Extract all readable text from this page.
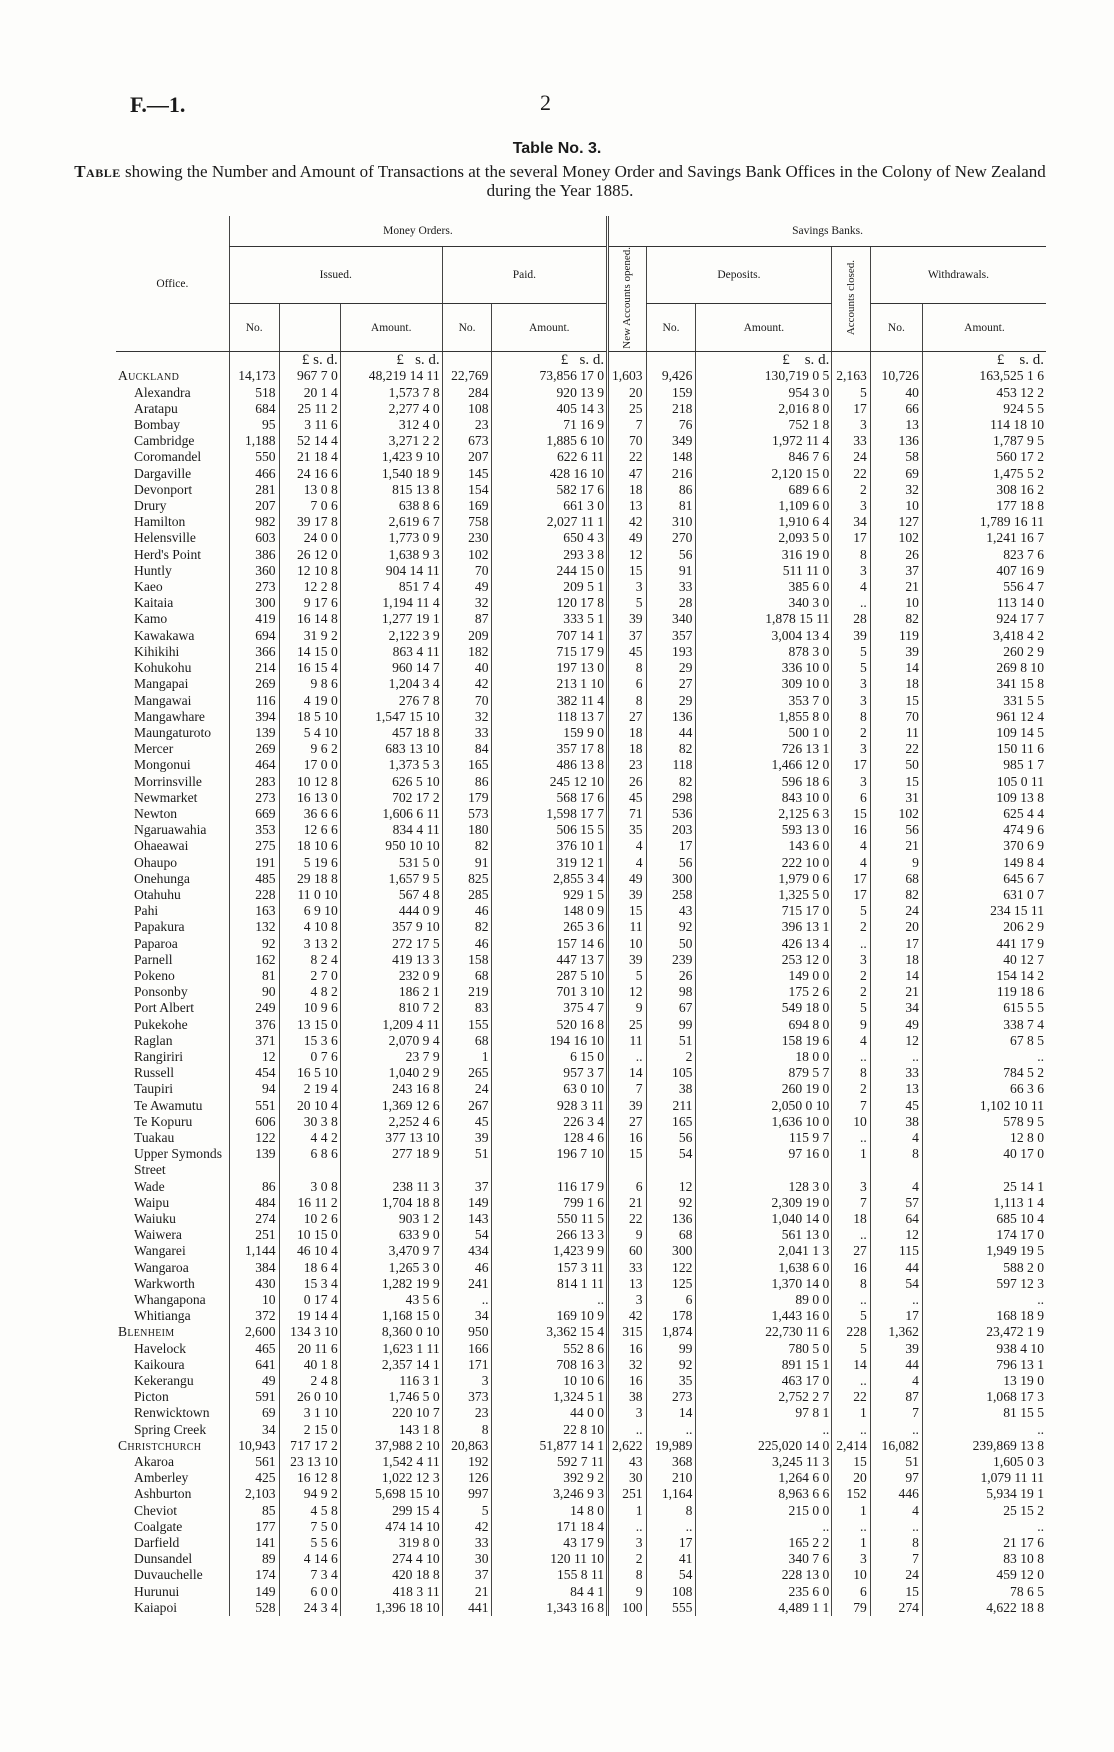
F.—1.	2
Table No. 3.
Table showing the Number and Amount of Transactions at the several Money Order and Savings Bank Offices in the Colony of New Zealand during the Year 1885.
Office.	Money Orders.					Savings Banks.					
	Issued.			Paid.		New Accounts opened.	Deposits.		Accounts closed.	Withdrawals.	
	No.		Amount.	No.	Amount.		No.	Amount.		No.	Amount.
		£ s. d.	£ s. d.		£ s. d.			£ s. d.			£ s. d.
Auckland	14,173	967 7 0	48,219 14 11	22,769	73,856 17 0	1,603	9,426	130,719 0 5	2,163	10,726	163,525 1 6
Alexandra	518	20 1 4	1,573 7 8	284	920 13 9	20	159	954 3 0	5	40	453 12 2
Aratapu	684	25 11 2	2,277 4 0	108	405 14 3	25	218	2,016 8 0	17	66	924 5 5
Bombay	95	3 11 6	312 4 0	23	71 16 9	7	76	752 1 8	3	13	114 18 10
Cambridge	1,188	52 14 4	3,271 2 2	673	1,885 6 10	70	349	1,972 11 4	33	136	1,787 9 5
Coromandel	550	21 18 4	1,423 9 10	207	622 6 11	22	148	846 7 6	24	58	560 17 2
Dargaville	466	24 16 6	1,540 18 9	145	428 16 10	47	216	2,120 15 0	22	69	1,475 5 2
Devonport	281	13 0 8	815 13 8	154	582 17 6	18	86	689 6 6	2	32	308 16 2
Drury	207	7 0 6	638 8 6	169	661 3 0	13	81	1,109 6 0	3	10	177 18 8
Hamilton	982	39 17 8	2,619 6 7	758	2,027 11 1	42	310	1,910 6 4	34	127	1,789 16 11
Helensville	603	24 0 0	1,773 0 9	230	650 4 3	49	270	2,093 5 0	17	102	1,241 16 7
Herd's Point	386	26 12 0	1,638 9 3	102	293 3 8	12	56	316 19 0	8	26	823 7 6
Huntly	360	12 10 8	904 14 11	70	244 15 0	15	91	511 11 0	3	37	407 16 9
Kaeo	273	12 2 8	851 7 4	49	209 5 1	3	33	385 6 0	4	21	556 4 7
Kaitaia	300	9 17 6	1,194 11 4	32	120 17 8	5	28	340 3 0	..	10	113 14 0
Kamo	419	16 14 8	1,277 19 1	87	333 5 1	39	340	1,878 15 11	28	82	924 17 7
Kawakawa	694	31 9 2	2,122 3 9	209	707 14 1	37	357	3,004 13 4	39	119	3,418 4 2
Kihikihi	366	14 15 0	863 4 11	182	715 17 9	45	193	878 3 0	5	39	260 2 9
Kohukohu	214	16 15 4	960 14 7	40	197 13 0	8	29	336 10 0	5	14	269 8 10
Mangapai	269	9 8 6	1,204 3 4	42	213 1 10	6	27	309 10 0	3	18	341 15 8
Mangawai	116	4 19 0	276 7 8	70	382 11 4	8	29	353 7 0	3	15	331 5 5
Mangawhare	394	18 5 10	1,547 15 10	32	118 13 7	27	136	1,855 8 0	8	70	961 12 4
Maungaturoto	139	5 4 10	457 18 8	33	159 9 0	18	44	500 1 0	2	11	109 14 5
Mercer	269	9 6 2	683 13 10	84	357 17 8	18	82	726 13 1	3	22	150 11 6
Mongonui	464	17 0 0	1,373 5 3	165	486 13 8	23	118	1,466 12 0	17	50	985 1 7
Morrinsville	283	10 12 8	626 5 10	86	245 12 10	26	82	596 18 6	3	15	105 0 11
Newmarket	273	16 13 0	702 17 2	179	568 17 6	45	298	843 10 0	6	31	109 13 8
Newton	669	36 6 6	1,606 6 11	573	1,598 17 7	71	536	2,125 6 3	15	102	625 4 4
Ngaruawahia	353	12 6 6	834 4 11	180	506 15 5	35	203	593 13 0	16	56	474 9 6
Ohaeawai	275	18 10 6	950 10 10	82	376 10 1	4	17	143 6 0	4	21	370 6 9
Ohaupo	191	5 19 6	531 5 0	91	319 12 1	4	56	222 10 0	4	9	149 8 4
Onehunga	485	29 18 8	1,657 9 5	825	2,855 3 4	49	300	1,979 0 6	17	68	645 6 7
Otahuhu	228	11 0 10	567 4 8	285	929 1 5	39	258	1,325 5 0	17	82	631 0 7
Pahi	163	6 9 10	444 0 9	46	148 0 9	15	43	715 17 0	5	24	234 15 11
Papakura	132	4 10 8	357 9 10	82	265 3 6	11	92	396 13 1	2	20	206 2 9
Paparoa	92	3 13 2	272 17 5	46	157 14 6	10	50	426 13 4	..	17	441 17 9
Parnell	162	8 2 4	419 13 3	158	447 13 7	39	239	253 12 0	3	18	40 12 7
Pokeno	81	2 7 0	232 0 9	68	287 5 10	5	26	149 0 0	2	14	154 14 2
Ponsonby	90	4 8 2	186 2 1	219	701 3 10	12	98	175 2 6	2	21	119 18 6
Port Albert	249	10 9 6	810 7 2	83	375 4 7	9	67	549 18 0	5	34	615 5 5
Pukekohe	376	13 15 0	1,209 4 11	155	520 16 8	25	99	694 8 0	9	49	338 7 4
Raglan	371	15 3 6	2,070 9 4	68	194 16 10	11	51	158 19 6	4	12	67 8 5
Rangiriri	12	0 7 6	23 7 9	1	6 15 0	..	2	18 0 0	..	..	..
Russell	454	16 5 10	1,040 2 9	265	957 3 7	14	105	879 5 7	8	33	784 5 2
Taupiri	94	2 19 4	243 16 8	24	63 0 10	7	38	260 19 0	2	13	66 3 6
Te Awamutu	551	20 10 4	1,369 12 6	267	928 3 11	39	211	2,050 0 10	7	45	1,102 10 11
Te Kopuru	606	30 3 8	2,252 4 6	45	226 3 4	27	165	1,636 10 0	10	38	578 9 5
Tuakau	122	4 4 2	377 13 10	39	128 4 6	16	56	115 9 7	..	4	12 8 0
Upper Symonds	139	6 8 6	277 18 9	51	196 7 10	15	54	97 16 0	1	8	40 17 0
Street											
Wade	86	3 0 8	238 11 3	37	116 17 9	6	12	128 3 0	3	4	25 14 1
Waipu	484	16 11 2	1,704 18 8	149	799 1 6	21	92	2,309 19 0	7	57	1,113 1 4
Waiuku	274	10 2 6	903 1 2	143	550 11 5	22	136	1,040 14 0	18	64	685 10 4
Waiwera	251	10 15 0	633 9 0	54	266 13 3	9	68	561 13 0	..	12	174 17 0
Wangarei	1,144	46 10 4	3,470 9 7	434	1,423 9 9	60	300	2,041 1 3	27	115	1,949 19 5
Wangaroa	384	18 6 4	1,265 3 0	46	157 3 11	33	122	1,638 6 0	16	44	588 2 0
Warkworth	430	15 3 4	1,282 19 9	241	814 1 11	13	125	1,370 14 0	8	54	597 12 3
Whangapona	10	0 17 4	43 5 6	..	..	3	6	89 0 0	..	..	..
Whitianga	372	19 14 4	1,168 15 0	34	169 10 9	42	178	1,443 16 0	5	17	168 18 9
Blenheim	2,600	134 3 10	8,360 0 10	950	3,362 15 4	315	1,874	22,730 11 6	228	1,362	23,472 1 9
Havelock	465	20 11 6	1,623 1 11	166	552 8 6	16	99	780 5 0	5	39	938 4 10
Kaikoura	641	40 1 8	2,357 14 1	171	708 16 3	32	92	891 15 1	14	44	796 13 1
Kekerangu	49	2 4 8	116 3 1	3	10 10 6	16	35	463 17 0	..	4	13 19 0
Picton	591	26 0 10	1,746 5 0	373	1,324 5 1	38	273	2,752 2 7	22	87	1,068 17 3
Renwicktown	69	3 1 10	220 10 7	23	44 0 0	3	14	97 8 1	1	7	81 15 5
Spring Creek	34	2 15 0	143 1 8	8	22 8 10	..	..	..	..	..	..
Christchurch	10,943	717 17 2	37,988 2 10	20,863	51,877 14 1	2,622	19,989	225,020 14 0	2,414	16,082	239,869 13 8
Akaroa	561	23 13 10	1,542 4 11	192	592 7 11	43	368	3,245 11 3	15	51	1,605 0 3
Amberley	425	16 12 8	1,022 12 3	126	392 9 2	30	210	1,264 6 0	20	97	1,079 11 11
Ashburton	2,103	94 9 2	5,698 15 10	997	3,246 9 3	251	1,164	8,963 6 6	152	446	5,934 19 1
Cheviot	85	4 5 8	299 15 4	5	14 8 0	1	8	215 0 0	1	4	25 15 2
Coalgate	177	7 5 0	474 14 10	42	171 18 4	..	..	..	..	..	..
Darfield	141	5 5 6	319 8 0	33	43 17 9	3	17	165 2 2	1	8	21 17 6
Dunsandel	89	4 14 6	274 4 10	30	120 11 10	2	41	340 7 6	3	7	83 10 8
Duvauchelle	174	7 3 4	420 18 8	37	155 8 11	8	54	228 13 0	10	24	459 12 0
Hurunui	149	6 0 0	418 3 11	21	84 4 1	9	108	235 6 0	6	15	78 6 5
Kaiapoi	528	24 3 4	1,396 18 10	441	1,343 16 8	100	555	4,489 1 1	79	274	4,622 18 8
